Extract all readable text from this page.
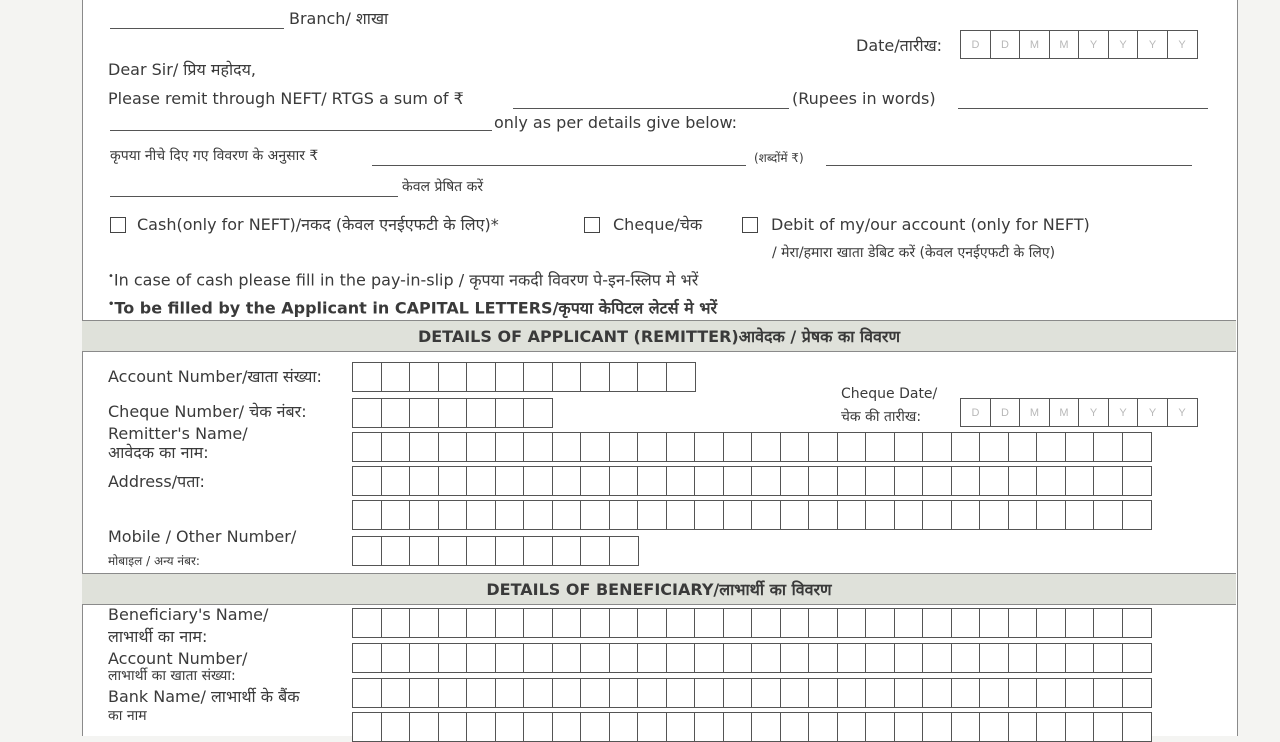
Branch/ शाखा
Date/तारीख:	D	D	M	M	Y	Y	Y	Y
Dear Sir/ प्रिय महोदय,
Please remit through NEFT/ RTGS a sum of ₹	(Rupees in words)
only as per details give below:
कृपया नीचे दिए गए विवरण के अनुसार ₹	(शब्दोंमें ₹)
केवल प्रेषित करें
Cash(only for NEFT)/नकद (केवल एनईएफटी के लिए)*	Cheque/चेक	Debit of my/our account (only for NEFT)
/ मेरा/हमारा खाता डेबिट करें (केवल एनईएफटी के लिए)
•In case of cash please fill in the pay-in-slip / कृपया नकदी विवरण पे-इन-स्लिप मे भरें
•To be filled by the Applicant in CAPITAL LETTERS/कृपया केपिटल लेटर्स मे भरें
DETAILS OF APPLICANT (REMITTER)आवेदक / प्रेषक का विवरण
Account Number/खाता संख्या:
Cheque Date/
चेक की तारीख:	D	D	M	M	Y	Y	Y	Y
Cheque Number/ चेक नंबर:
Remitter's Name/
आवेदक का नाम:
Address/पता:
Mobile / Other Number/
मोबाइल / अन्य नंबर:
DETAILS OF BENEFICIARY/लाभार्थी का विवरण
Beneficiary's Name/
लाभार्थी का नाम:
Account Number/
लाभार्थी का खाता संख्या:
Bank Name/ लाभार्थी के बैंक
का नाम
